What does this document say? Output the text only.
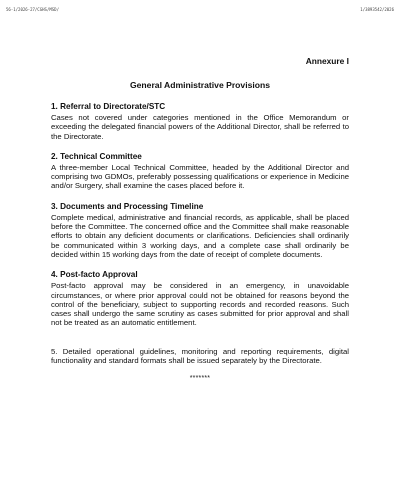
56-1/2026-27/CGHS/MSD/	1/3893542/2026

Annexure I

General Administrative Provisions

1. Referral to Directorate/STC

Cases not covered under categories mentioned in the Office Memorandum or exceeding the delegated financial powers of the Additional Director, shall be referred to the Directorate.

2. Technical Committee

A three-member Local Technical Committee, headed by the Additional Director and comprising two GDMOs, preferably possessing qualifications or experience in Medicine and/or Surgery, shall examine the cases placed before it.

3. Documents and Processing Timeline

Complete medical, administrative and financial records, as applicable, shall be placed before the Committee. The concerned office and the Committee shall make reasonable efforts to obtain any deficient documents or clarifications. Deficiencies shall ordinarily be communicated within 3 working days, and a complete case shall ordinarily be decided within 15 working days from the date of receipt of complete documents.

4. Post-facto Approval

Post-facto approval may be considered in an emergency, in unavoidable circumstances, or where prior approval could not be obtained for reasons beyond the control of the beneficiary, subject to supporting records and recorded reasons. Such cases shall undergo the same scrutiny as cases submitted for prior approval and shall not be treated as an automatic entitlement.

5. Detailed operational guidelines, monitoring and reporting requirements, digital functionality and standard formats shall be issued separately by the Directorate.

*******
